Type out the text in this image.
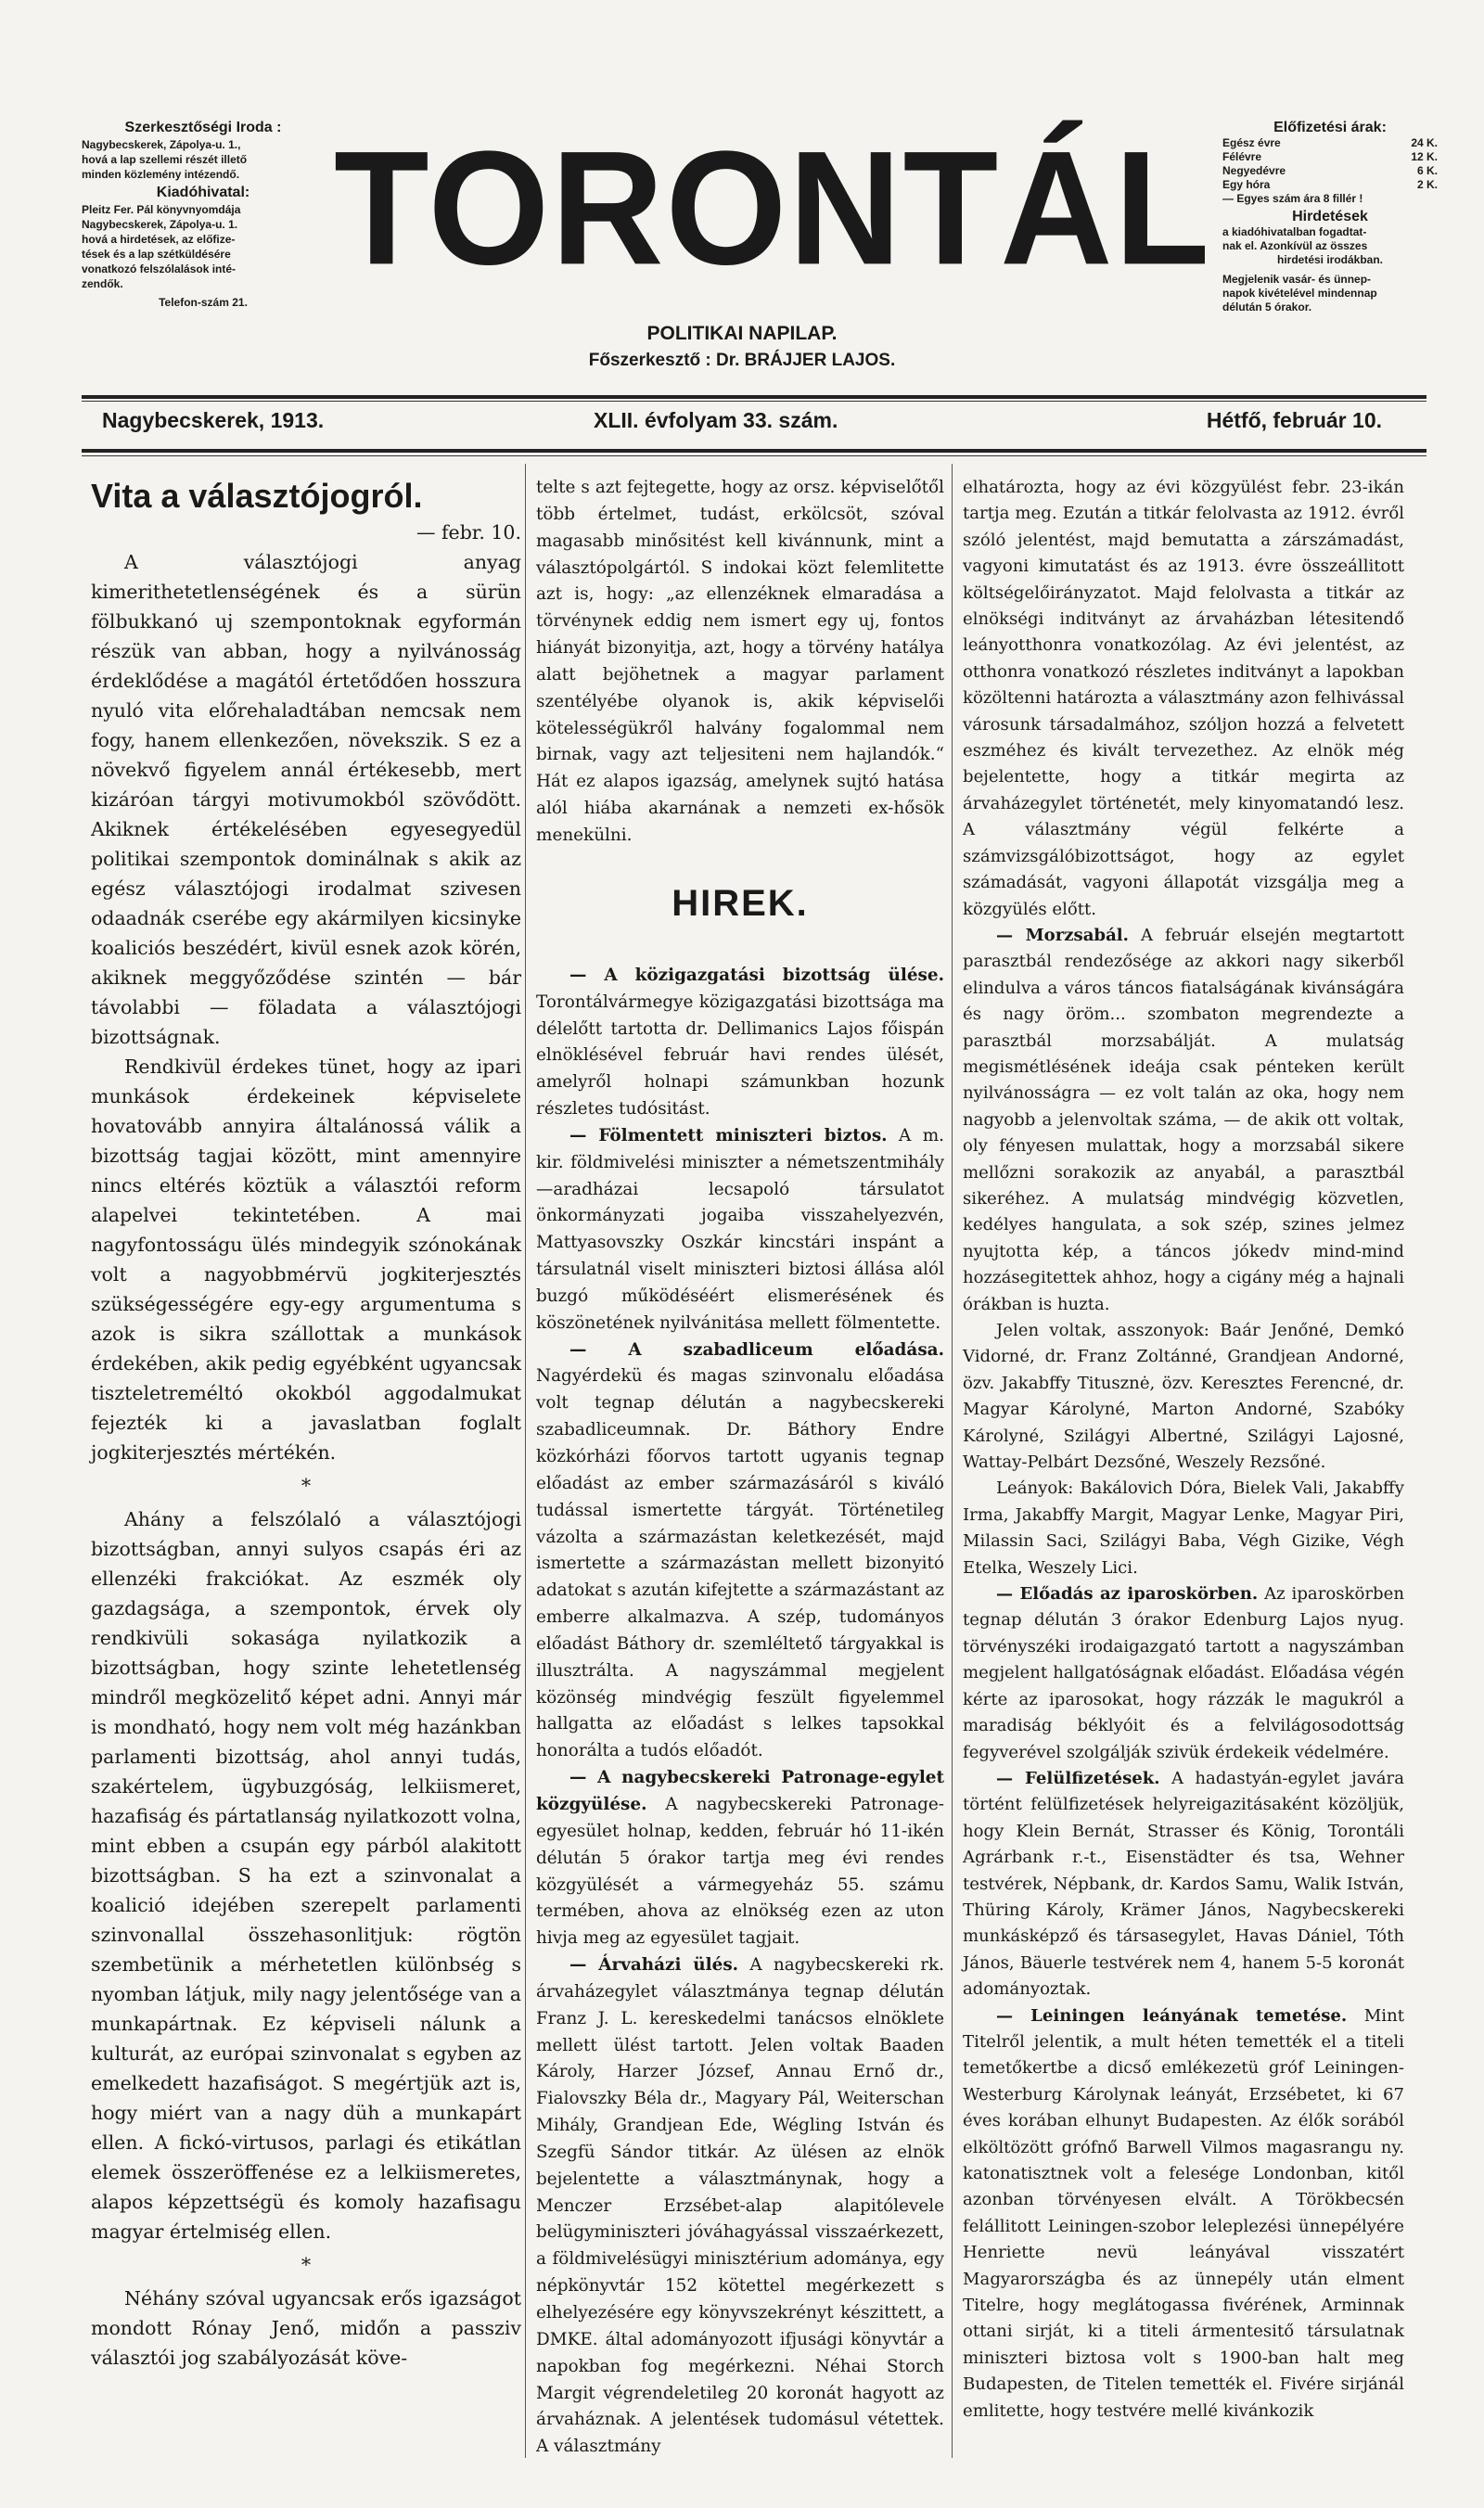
Szerkesztőségi Iroda :

Nagybecskerek, Zápolya-u. 1.,

hová a lap szellemi részét illető

minden közlemény intézendő.

Kiadóhivatal:

Pleitz Fer. Pál könyvnyomdája

Nagybecskerek, Zápolya-u. 1.

hová a hirdetések, az előfize-

tések és a lap szétküldésére

vonatkozó felszólalások inté-

zendők.

Telefon-szám 21.

TORONTÁL
POLITIKAI NAPILAP.
Főszerkesztő : Dr. BRÁJJER LAJOS.
Előfizetési árak:
Egész évre	24 K.
Félévre	12 K.
Negyedévre	6 K.
Egy hóra	2 K.

— Egyes szám ára 8 fillér !

Hirdetések

a kiadóhivatalban fogadtat-

nak el. Azonkívül az összes

hirdetési irodákban.

Megjelenik vasár- és ünnep-

napok kivételével mindennap

délután 5 órakor.

Nagybecskerek, 1913.	XLII. évfolyam 33. szám.	Hétfő, február 10.

Vita a választójogról.

— febr. 10.

A választójogi anyag kimerithetetlenségének és a sürün fölbukkanó uj szempontoknak egyformán részük van abban, hogy a nyilvánosság érdeklődése a magától értetődően hosszura nyuló vita előrehaladtában nemcsak nem fogy, hanem ellenkezően, növekszik. S ez a növekvő figyelem annál értékesebb, mert kizáróan tárgyi motivumokból szövődött. Akiknek értékelésében egyesegyedül politikai szempontok dominálnak s akik az egész választójogi irodalmat szivesen odaadnák cserébe egy akármilyen kicsinyke koaliciós beszédért, kivül esnek azok körén, akiknek meggyőződése szintén — bár távolabbi — föladata a választójogi bizottságnak.

Rendkivül érdekes tünet, hogy az ipari munkások érdekeinek képviselete hovatovább annyira általánossá válik a bizottság tagjai között, mint amennyire nincs eltérés köztük a választói reform alapelvei tekintetében. A mai nagyfontosságu ülés mindegyik szónokának volt a nagyobbmérvü jogkiterjesztés szükségességére egy-egy argumentuma s azok is sikra szállottak a munkások érdekében, akik pedig egyébként ugyancsak tiszteletreméltó okokból aggodalmukat fejezték ki a javaslatban foglalt jogkiterjesztés mértékén.

*

Ahány a felszólaló a választójogi bizottságban, annyi sulyos csapás éri az ellenzéki frakciókat. Az eszmék oly gazdagsága, a szempontok, érvek oly rendkivüli sokasága nyilatkozik a bizottságban, hogy szinte lehetetlenség mindről megközelitő képet adni. Annyi már is mondható, hogy nem volt még hazánkban parlamenti bizottság, ahol annyi tudás, szakértelem, ügybuzgóság, lelkiismeret, hazafiság és pártatlanság nyilatkozott volna, mint ebben a csupán egy párból alakitott bizottságban. S ha ezt a szinvonalat a koalició idejében szerepelt parlamenti szinvonallal összehasonlitjuk: rögtön szembetünik a mérhetetlen különbség s nyomban látjuk, mily nagy jelentősége van a munkapártnak. Ez képviseli nálunk a kulturát, az európai szinvonalat s egyben az emelkedett hazafiságot. S megértjük azt is, hogy miért van a nagy düh a munkapárt ellen. A fickó-virtusos, parlagi és etikátlan elemek összeröffenése ez a lelkiismeretes, alapos képzettségü és komoly hazafisagu magyar értelmiség ellen.

*

Néhány szóval ugyancsak erős igazságot mondott Rónay Jenő, midőn a passziv választói jog szabályozását köve-

telte s azt fejtegette, hogy az orsz. képviselőtől több értelmet, tudást, erkölcsöt, szóval magasabb minősitést kell kivánnunk, mint a választópolgártól. S indokai közt felemlitette azt is, hogy: „az ellenzéknek elmaradása a törvénynek eddig nem ismert egy uj, fontos hiányát bizonyitja, azt, hogy a törvény hatálya alatt bejöhetnek a magyar parlament szentélyébe olyanok is, akik képviselői kötelességükről halvány fogalommal nem birnak, vagy azt teljesiteni nem hajlandók.“ Hát ez alapos igazság, amelynek sujtó hatása alól hiába akarnának a nemzeti ex-hősök menekülni.

HIREK.

— A közigazgatási bizottság ülése. Torontálvármegye közigazgatási bizottsága ma délelőtt tartotta dr. Dellimanics Lajos főispán elnöklésével február havi rendes ülését, amelyről holnapi számunkban hozunk részletes tudósitást.

— Fölmentett miniszteri biztos. A m. kir. földmivelési miniszter a németszentmihály—aradházai lecsapoló társulatot önkormányzati jogaiba visszahelyezvén, Mattyasovszky Oszkár kincstári inspánt a társulatnál viselt miniszteri biztosi állása alól buzgó működéséért elismerésének és köszönetének nyilvánitása mellett fölmentette.

— A szabadliceum előadása. Nagyérdekü és magas szinvonalu előadása volt tegnap délután a nagybecskereki szabadliceumnak. Dr. Báthory Endre közkórházi főorvos tartott ugyanis tegnap előadást az ember származásáról s kiváló tudással ismertette tárgyát. Történetileg vázolta a származástan keletkezését, majd ismertette a származástan mellett bizonyitó adatokat s azután kifejtette a származástant az emberre alkalmazva. A szép, tudományos előadást Báthory dr. szemléltető tárgyakkal is illusztrálta. A nagyszámmal megjelent közönség mindvégig feszült figyelemmel hallgatta az előadást s lelkes tapsokkal honorálta a tudós előadót.

— A nagybecskereki Patronage-egylet közgyülése. A nagybecskereki Patronage-egyesület holnap, kedden, február hó 11-ikén délután 5 órakor tartja meg évi rendes közgyülését a vármegyeház 55. számu termében, ahova az elnökség ezen az uton hivja meg az egyesület tagjait.

— Árvaházi ülés. A nagybecskereki rk. árvaházegylet választmánya tegnap délután Franz J. L. kereskedelmi tanácsos elnöklete mellett ülést tartott. Jelen voltak Baaden Károly, Harzer József, Annau Ernő dr., Fialovszky Béla dr., Magyary Pál, Weiterschan Mihály, Grandjean Ede, Wégling István és Szegfü Sándor titkár. Az ülésen az elnök bejelentette a választmánynak, hogy a Menczer Erzsébet-alap alapitólevele belügyminiszteri jóváhagyással visszaérkezett, a földmivelésügyi minisztérium adománya, egy népkönyvtár 152 kötettel megérkezett s elhelyezésére egy könyvszekrényt készittett, a DMKE. által adományozott ifjusági könyvtár a napokban fog megérkezni. Néhai Storch Margit végrendeletileg 20 koronát hagyott az árvaháznak. A jelentések tudomásul vétettek. A választmány

elhatározta, hogy az évi közgyülést febr. 23-ikán tartja meg. Ezután a titkár felolvasta az 1912. évről szóló jelentést, majd bemutatta a zárszámadást, vagyoni kimutatást és az 1913. évre összeállitott költségelőirányzatot. Majd felolvasta a titkár az elnökségi inditványt az árvaházban létesitendő leányotthonra vonatkozólag. Az évi jelentést, az otthonra vonatkozó részletes inditványt a lapokban közöltenni határozta a választmány azon felhivással városunk társadalmához, szóljon hozzá a felvetett eszméhez és kivált tervezethez. Az elnök még bejelentette, hogy a titkár megirta az árvaházegylet történetét, mely kinyomatandó lesz. A választmány végül felkérte a számvizsgálóbizottságot, hogy az egylet számadását, vagyoni állapotát vizsgálja meg a közgyülés előtt.

— Morzsabál. A február elsején megtartott parasztbál rendezősége az akkori nagy sikerből elindulva a város táncos fiatalságának kivánságára és nagy öröm... szombaton megrendezte a parasztbál morzsabálját. A mulatság megismétlésének ideája csak pénteken került nyilvánosságra — ez volt talán az oka, hogy nem nagyobb a jelenvoltak száma, — de akik ott voltak, oly fényesen mulattak, hogy a morzsabál sikere mellőzni sorakozik az anyabál, a parasztbál sikeréhez. A mulatság mindvégig közvetlen, kedélyes hangulata, a sok szép, szines jelmez nyujtotta kép, a táncos jókedv mind-mind hozzásegitettek ahhoz, hogy a cigány még a hajnali órákban is huzta.

Jelen voltak, asszonyok: Baár Jenőné, Demkó Vidorné, dr. Franz Zoltánné, Grandjean Andorné, özv. Jakabffy Titusznė, özv. Keresztes Ferencné, dr. Magyar Károlyné, Marton Andorné, Szabóky Károlyné, Szilágyi Albertné, Szilágyi Lajosné, Wattay-Pelbárt Dezsőné, Weszely Rezsőné.

Leányok: Bakálovich Dóra, Bielek Vali, Jakabffy Irma, Jakabffy Margit, Magyar Lenke, Magyar Piri, Milassin Saci, Szilágyi Baba, Végh Gizike, Végh Etelka, Weszely Lici.

— Előadás az iparoskörben. Az iparoskörben tegnap délután 3 órakor Edenburg Lajos nyug. törvényszéki irodaigazgató tartott a nagyszámban megjelent hallgatóságnak előadást. Előadása végén kérte az iparosokat, hogy rázzák le magukról a maradiság béklyóit és a felvilágosodottság fegyverével szolgálják szivük érdekeik védelmére.

— Felülfizetések. A hadastyán-egylet javára történt felülfizetések helyreigazitásaként közöljük, hogy Klein Bernát, Strasser és König, Torontáli Agrárbank r.-t., Eisenstädter és tsa, Wehner testvérek, Népbank, dr. Kardos Samu, Walik István, Thüring Károly, Krämer János, Nagybecskereki munkásképző és társasegylet, Havas Dániel, Tóth János, Bäuerle testvérek nem 4, hanem 5-5 koronát adományoztak.

— Leiningen leányának temetése. Mint Titelről jelentik, a mult héten temették el a titeli temetőkertbe a dicső emlékezetü gróf Leiningen-Westerburg Károlynak leányát, Erzsébetet, ki 67 éves korában elhunyt Budapesten. Az élők sorából elköltözött grófnő Barwell Vilmos magasrangu ny. katonatisztnek volt a felesége Londonban, kitől azonban törvényesen elvált. A Törökbecsén felállitott Leiningen-szobor leleplezési ünnepélyére Henriette nevü leányával visszatért Magyarországba és az ünnepély után elment Titelre, hogy meglátogassa fivérének, Arminnak ottani sirját, ki a titeli ármentesitő társulatnak miniszteri biztosa volt s 1900-ban halt meg Budapesten, de Titelen temették el. Fivére sirjánál emlitette, hogy testvére mellé kivánkozik
